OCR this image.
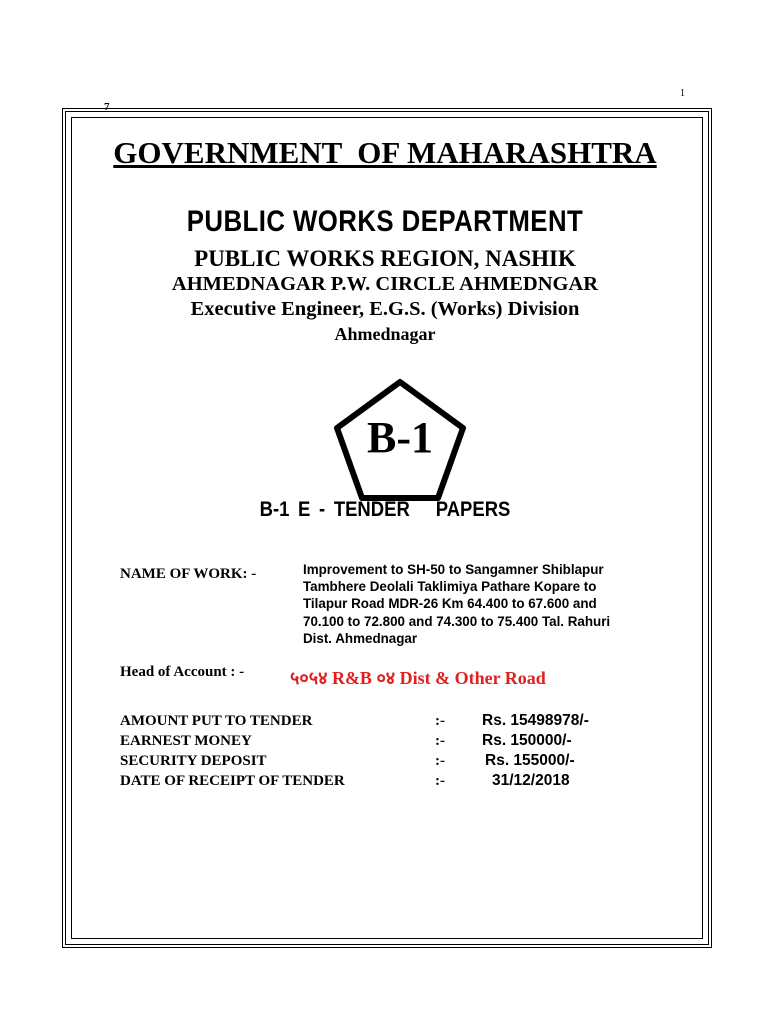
1
7
GOVERNMENT  OF MAHARASHTRA
PUBLIC WORKS DEPARTMENT

PUBLIC WORKS REGION, NASHIK

AHMEDNAGAR P.W. CIRCLE AHMEDNGAR

Executive Engineer, E.G.S. (Works) Division

Ahmednagar

B-1
B-1 E - TENDER   PAPERS
NAME OF WORK: -	Improvement to SH-50 to Sangamner Shiblapur
Tambhere Deolali Taklimiya Pathare Kopare to
Tilapur Road MDR-26 Km 64.400 to 67.600 and
70.100 to 72.800 and 74.300 to 75.400 Tal. Rahuri
Dist. Ahmednagar
Head of Account : -	५०५४ R&B ०४ Dist & Other Road
AMOUNT PUT TO TENDER	:- Rs. 15498978/-
EARNEST MONEY	:- Rs. 150000/-
SECURITY DEPOSIT	:-	Rs. 155000/-
DATE OF RECEIPT OF TENDER	:-	31/12/2018
